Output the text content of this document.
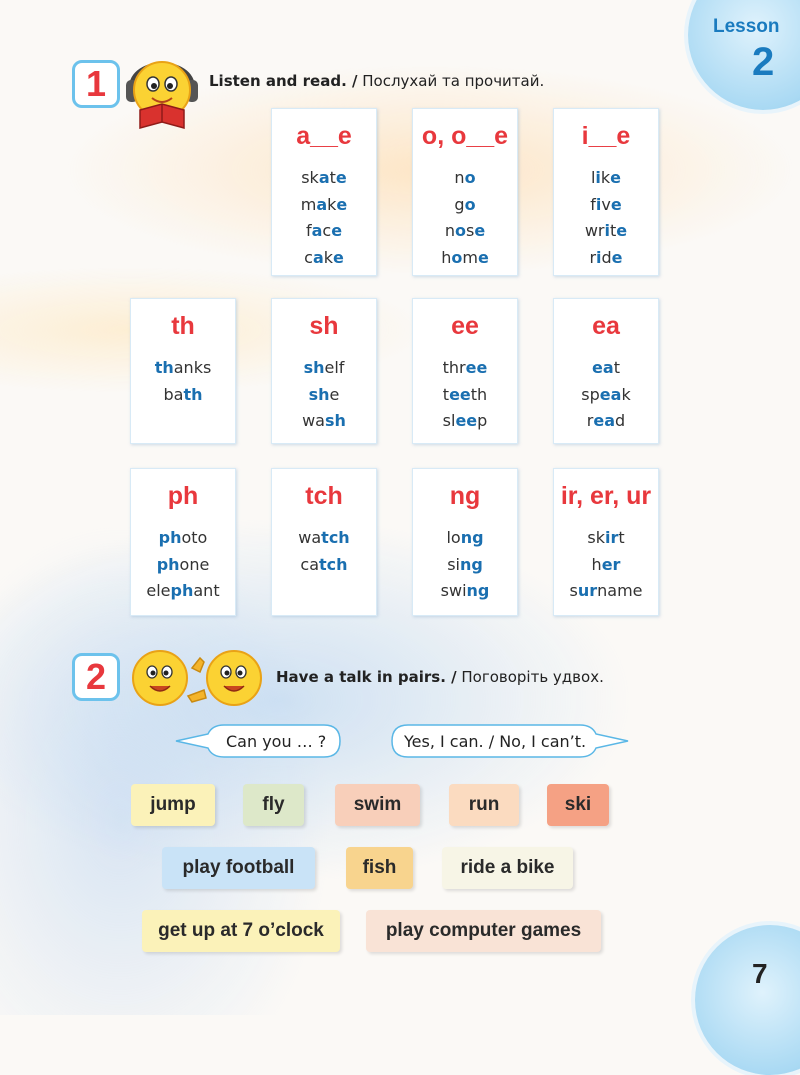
Lesson
2
1	Listen and read. / Послухай та прочитай.
a__e
skate
make
face
cake
o, o__e
no
go
nose
home
i__e
like
five
write
ride
th
thanks
bath
sh
shelf
she
wash
ee
three
teeth
sleep
ea
eat
speak
read
ph
photo
phone
elephant
tch
watch
catch
ng
long
sing
swing
ir, er, ur
skirt
her
surname
2	Have a talk in pairs. / Поговоріть удвох.
Can you … ?	Yes, I can. / No, I can’t.
jump	fly	swim	run	ski
play football	fish	ride a bike
get up at 7 o’clock	play computer games
7
